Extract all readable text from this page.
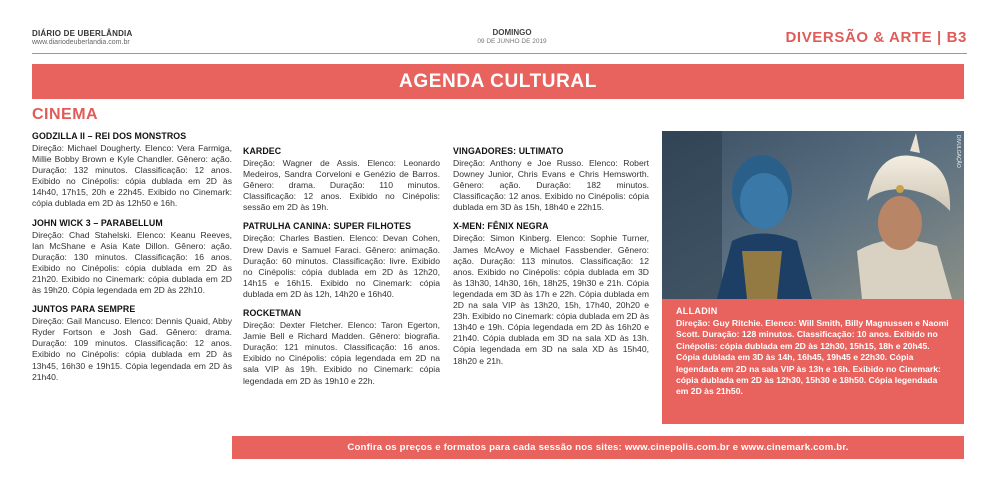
DIÁRIO DE UBERLÂNDIA
www.diariodeuberlandia.com.br
DOMINGO
09 DE JUNHO DE 2019	DIVERSÃO & ARTE | B3
AGENDA CULTURAL
CINEMA
GODZILLA II – REI DOS MONSTROS
Direção: Michael Dougherty. Elenco: Vera Farmiga, Millie Bobby Brown e Kyle Chandler. Gênero: ação. Duração: 132 minutos. Classificação: 12 anos. Exibido no Cinépolis: cópia dublada em 2D às 14h40, 17h15, 20h e 22h45. Exibido no Cinemark: cópia dublada em 2D às 12h50 e 16h.
JOHN WICK 3 – PARABELLUM
Direção: Chad Stahelski. Elenco: Keanu Reeves, Ian McShane e Asia Kate Dillon. Gênero: ação. Duração: 130 minutos. Classificação: 16 anos. Exibido no Cinépolis: cópia dublada em 2D às 21h20. Exibido no Cinemark: cópia dublada em 2D às 19h20. Cópia legendada em 2D às 22h10.
JUNTOS PARA SEMPRE
Direção: Gail Mancuso. Elenco: Dennis Quaid, Abby Ryder Fortson e Josh Gad. Gênero: drama. Duração: 109 minutos. Classificação: 12 anos. Exibido no Cinépolis: cópia dublada em 2D às 13h45, 16h30 e 19h15. Cópia legendada em 2D às 21h40.
KARDEC
Direção: Wagner de Assis. Elenco: Leonardo Medeiros, Sandra Corveloni e Genézio de Barros. Gênero: drama. Duração: 110 minutos. Classificação: 12 anos. Exibido no Cinépolis: sessão em 2D às 19h.
PATRULHA CANINA: SUPER FILHOTES
Direção: Charles Bastien. Elenco: Devan Cohen, Drew Davis e Samuel Faraci. Gênero: animação. Duração: 60 minutos. Classificação: livre. Exibido no Cinépolis: cópia dublada em 2D às 12h20, 14h15 e 16h15. Exibido no Cinemark: cópia dublada em 2D às 12h, 14h20 e 16h40.
ROCKETMAN
Direção: Dexter Fletcher. Elenco: Taron Egerton, Jamie Bell e Richard Madden. Gênero: biografia. Duração: 121 minutos. Classificação: 16 anos. Exibido no Cinépolis: cópia legendada em 2D na sala VIP às 19h. Exibido no Cinemark: cópia legendada em 2D às 19h10 e 22h.
VINGADORES: ULTIMATO
Direção: Anthony e Joe Russo. Elenco: Robert Downey Junior, Chris Evans e Chris Hemsworth. Gênero: ação. Duração: 182 minutos. Classificação: 12 anos. Exibido no Cinépolis: cópia dublada em 3D às 15h, 18h40 e 22h15.
X-MEN: FÊNIX NEGRA
Direção: Simon Kinberg. Elenco: Sophie Turner, James McAvoy e Michael Fassbender. Gênero: ação. Duração: 113 minutos. Classificação: 12 anos. Exibido no Cinépolis: cópia dublada em 3D às 13h30, 14h30, 16h, 18h25, 19h30 e 21h. Cópia legendada em 3D às 17h e 22h. Cópia dublada em 2D na sala VIP às 13h20, 15h, 17h40, 20h20 e 23h. Exibido no Cinemark: cópia dublada em 2D às 13h40 e 19h. Cópia legendada em 2D às 16h20 e 21h40. Cópia dublada em 3D na sala XD às 13h. Cópia legendada em 3D na sala XD às 15h40, 18h20 e 21h.
DIVULGAÇÃO
ALLADIN
Direção: Guy Ritchie. Elenco: Will Smith, Billy Magnussen e Naomi Scott. Duração: 128 minutos. Classificação: 10 anos. Exibido no Cinépolis: cópia dublada em 2D às 12h30, 15h15, 18h e 20h45. Cópia dublada em 3D às 14h, 16h45, 19h45 e 22h30. Cópia legendada em 2D na sala VIP às 13h e 16h. Exibido no Cinemark: cópia dublada em 2D às 12h30, 15h30 e 18h50. Cópia legendada em 2D às 21h50.
Confira os preços e formatos para cada sessão nos sites: www.cinepolis.com.br e www.cinemark.com.br.
